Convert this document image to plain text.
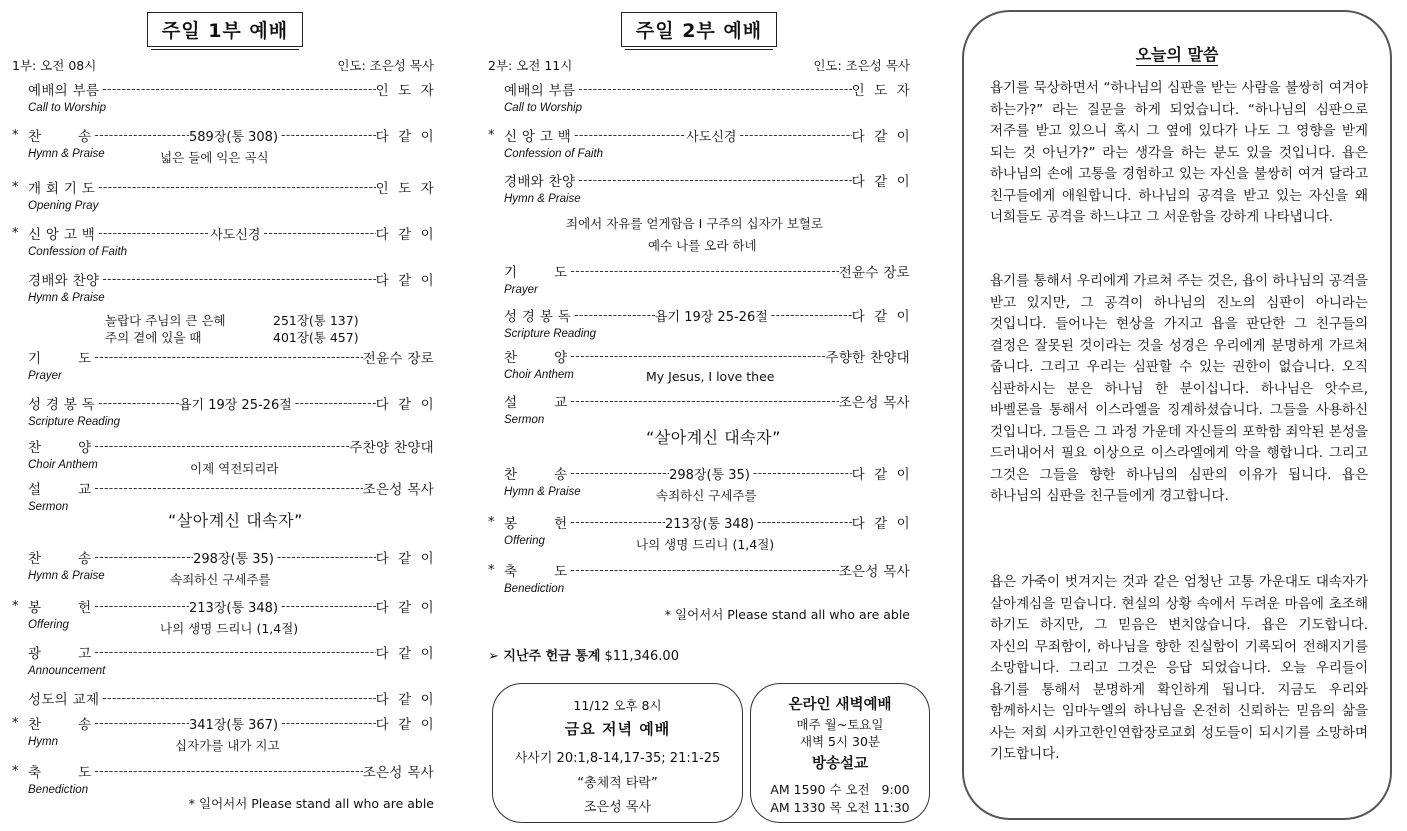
주일 1부 예배
1부: 오전 08시	인도: 조은성 목사
예배의 부름 -----	인  도  자
Call to Worship
* 찬        송 -----	589장(통 308) -----	다  같  이
Hymn & Praise	넓은 들에 익은 곡식
* 개 회 기 도 -----	인  도  자
Opening Pray
* 신 앙 고 백 -----	사도신경 -----	다  같  이
Confession of Faith
경배와 찬양 -----	다  같  이
Hymn & Praise
기        도 -----	전윤수 장로
Prayer
성 경 봉 독 -----	욥기 19장 25-26절 -----	다  같  이
Scripture Reading
찬        양 -----	주찬양 찬양대
Choir Anthem	이제 역전되리라
설        교 -----	조은성 목사
Sermon
찬        송 -----	298장(통 35) -----	다  같  이
Hymn & Praise	속죄하신 구세주를
* 봉        헌 -----	213장(통 348) -----	다  같  이
Offering	나의 생명 드리니 (1,4절)
광        고 -----	다  같  이
Announcement
성도의 교제 -----	다  같  이
* 찬        송 -----	341장(통 367) -----	다  같  이
Hymn	십자가를 내가 지고
* 축        도 -----	조은성 목사
Benediction
놀랍다 주님의 큰 은혜	251장(통 137)
주의 곁에 있을 때	401장(통 457)
“살아계신 대속자”
* 일어서서 Please stand all who are able
주일 2부 예배
2부: 오전 11시	인도: 조은성 목사
예배의 부름 -----	인  도  자
Call to Worship
* 신 앙 고 백 -----	사도신경 -----	다  같  이
Confession of Faith
경배와 찬양 -----	다  같  이
Hymn & Praise
기        도 -----	전윤수 장로
Prayer
성 경 봉 독 -----	욥기 19장 25-26절 -----	다  같  이
Scripture Reading
찬        양 -----	주향한 찬양대
Choir Anthem	My Jesus, I love thee
설        교 -----	조은성 목사
Sermon
찬        송 -----	298장(통 35) -----	다  같  이
Hymn & Praise	속죄하신 구세주를
* 봉        헌 -----	213장(통 348) -----	다  같  이
Offering	나의 생명 드리니 (1,4절)
* 축        도 -----	조은성 목사
Benediction
죄에서 자유를 얻게함음 I 구주의 십자가 보혈로
예수 나를 오라 하네
“살아계신 대속자”
* 일어서서 Please stand all who are able
➢ 지난주 헌금 통계 $11,346.00
11/12 오후 8시
금요 저녁 예배
사사기 20:1,8-14,17-35; 21:1-25
“총체적 타락”
조은성 목사
온라인 새벽예배
매주 월~토요일
새벽 5시 30분
방송설교
AM 1590 수 오전   9:00
AM 1330 목 오전 11:30
오늘의 말씀
욥기를 묵상하면서 “하나님의 심판을 받는 사람을 불쌍히 여겨야 하는가?” 라는 질문을 하게 되었습니다. “하나님의 심판으로 저주를 받고 있으니 혹시 그 옆에 있다가 나도 그 영향을 받게 되는 것 아닌가?” 라는 생각을 하는 분도 있을 것입니다. 욥은 하나님의 손에 고통을 경험하고 있는 자신을 불쌍히 여겨 달라고 친구들에게 애원합니다. 하나님의 공격을 받고 있는 자신을 왜 너희들도 공격을 하느냐고 그 서운함을 강하게 나타냅니다.
욥기를 통해서 우리에게 가르쳐 주는 것은, 욥이 하나님의 공격을 받고 있지만, 그 공격이 하나님의 진노의 심판이 아니라는 것입니다. 들어나는 현상을 가지고 욥을 판단한 그 친구들의 결정은 잘못된 것이라는 것을 성경은 우리에게 분명하게 가르쳐 줍니다. 그리고 우리는 심판할 수 있는 권한이 없습니다. 오직 심판하시는 분은 하나님 한 분이십니다. 하나님은 앗수르, 바벨론을 통해서 이스라엘을 징계하셨습니다. 그들을 사용하신 것입니다. 그들은 그 과정 가운데 자신들의 포학함 죄악된 본성을 드러내어서 필요 이상으로 이스라엘에게 악을 행합니다. 그리고 그것은 그들을 향한 하나님의 심판의 이유가 됩니다. 욥은 하나님의 심판을 친구들에게 경고합니다.
욥은 가죽이 벗겨지는 것과 같은 엄청난 고통 가운대도 대속자가 살아계심을 믿습니다. 현실의 상황 속에서 두려운 마음에 초조해 하기도 하지만, 그 믿음은 변치않습니다. 욥은 기도합니다. 자신의 무죄함이, 하나님을 향한 진실함이 기록되어 전해지기를 소망합니다. 그리고 그것은 응답 되었습니다. 오늘 우리들이 욥기를 통해서 분명하게 확인하게 됩니다. 지금도 우리와 함께하시는 임마누엘의 하나님을 온전히 신뢰하는 믿음의 삶을 사는 저희 시카고한인연합장로교회 성도들이 되시기를 소망하며 기도합니다.
